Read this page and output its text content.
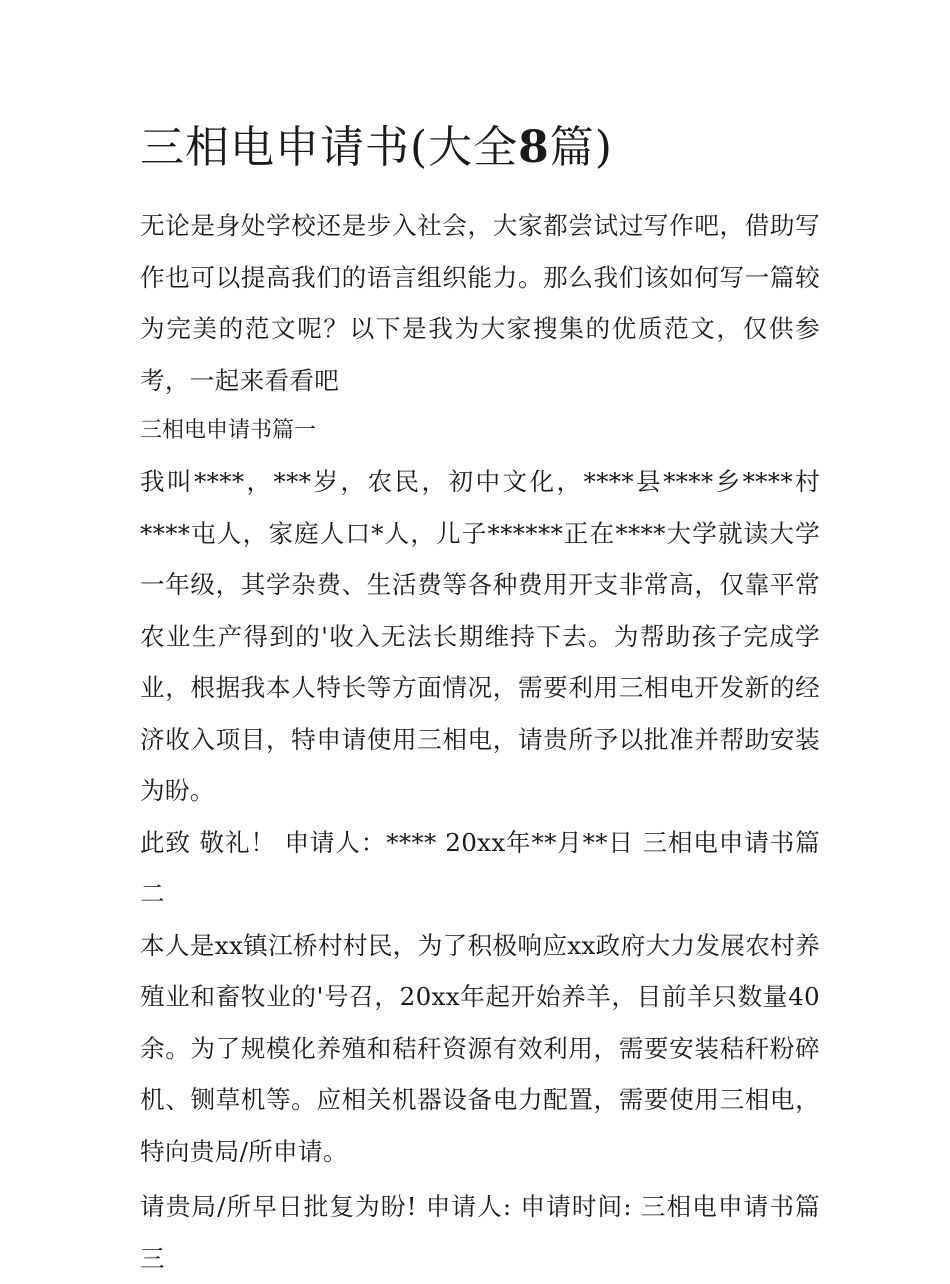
三相电申请书(大全8篇)

无论是身处学校还是步入社会，大家都尝试过写作吧，借助写作也可以提高我们的语言组织能力。那么我们该如何写一篇较为完美的范文呢？以下是我为大家搜集的优质范文，仅供参考，一起来看看吧

三相电申请书篇一

我叫****，***岁，农民，初中文化，****县****乡****村****屯人，家庭人口*人，儿子******正在****大学就读大学一年级，其学杂费、生活费等各种费用开支非常高，仅靠平常农业生产得到的'收入无法长期维持下去。为帮助孩子完成学业，根据我本人特长等方面情况，需要利用三相电开发新的经济收入项目，特申请使用三相电，请贵所予以批准并帮助安装为盼。

此致 敬礼！ 申请人：**** 20xx年**月**日 三相电申请书篇二

本人是xx镇江桥村村民，为了积极响应xx政府大力发展农村养殖业和畜牧业的'号召，20xx年起开始养羊，目前羊只数量40余。为了规模化养殖和秸秆资源有效利用，需要安装秸秆粉碎机、铡草机等。应相关机器设备电力配置，需要使用三相电，特向贵局/所申请。

请贵局/所早日批复为盼! 申请人: 申请时间: 三相电申请书篇三
